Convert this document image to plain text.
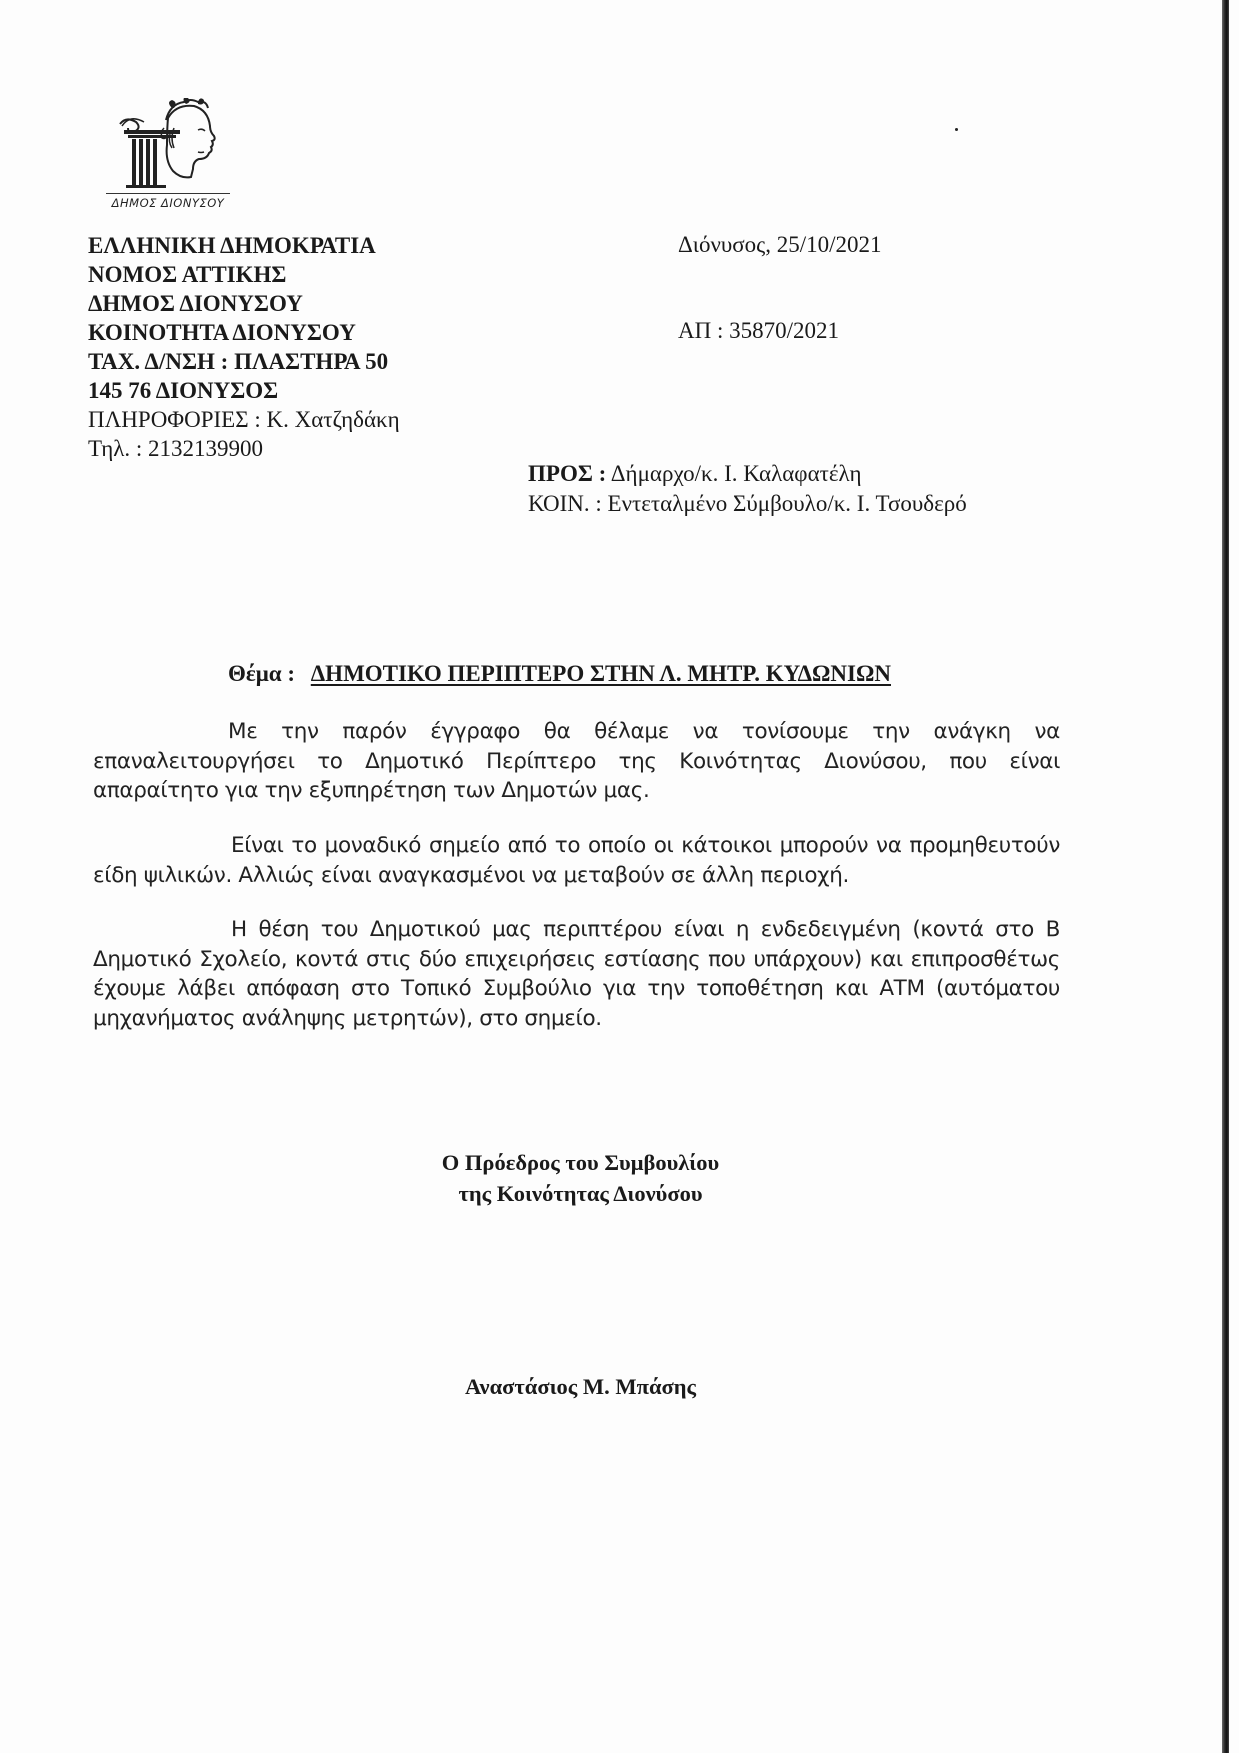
ΔΗΜΟΣ ΔΙΟΝΥΣΟΥ
ΕΛΛΗΝΙΚΗ ΔΗΜΟΚΡΑΤΙΑ
ΝΟΜΟΣ ΑΤΤΙΚΗΣ
ΔΗΜΟΣ ΔΙΟΝΥΣΟΥ
ΚΟΙΝΟΤΗΤΑ ΔΙΟΝΥΣΟΥ
ΤΑΧ. Δ/ΝΣΗ : ΠΛΑΣΤΗΡΑ 50
145 76 ΔΙΟΝΥΣΟΣ
ΠΛΗΡΟΦΟΡΙΕΣ : Κ. Χατζηδάκη
Τηλ. : 2132139900
Διόνυσος, 25/10/2021
ΑΠ : 35870/2021
ΠΡΟΣ : Δήμαρχο/κ. Ι. Καλαφατέλη
ΚΟΙΝ. : Εντεταλμένο Σύμβουλο/κ. Ι. Τσουδερό
Θέμα : ΔΗΜΟΤΙΚΟ ΠΕΡΙΠΤΕΡΟ ΣΤΗΝ Λ. ΜΗΤΡ. ΚΥΔΩΝΙΩΝ
Με την παρόν έγγραφο θα θέλαμε να τονίσουμε την ανάγκη να επαναλειτουργήσει το Δημοτικό Περίπτερο της Κοινότητας Διονύσου, που είναι απαραίτητο για την εξυπηρέτηση των Δημοτών μας.
Είναι το μοναδικό σημείο από το οποίο οι κάτοικοι μπορούν να προμηθευτούν είδη ψιλικών. Αλλιώς είναι αναγκασμένοι να μεταβούν σε άλλη περιοχή.
Η θέση του Δημοτικού μας περιπτέρου είναι η ενδεδειγμένη (κοντά στο Β Δημοτικό Σχολείο, κοντά στις δύο επιχειρήσεις εστίασης που υπάρχουν) και επιπροσθέτως έχουμε λάβει απόφαση στο Τοπικό Συμβούλιο για την τοποθέτηση και ΑΤΜ (αυτόματου μηχανήματος ανάληψης μετρητών), στο σημείο.
Ο Πρόεδρος του Συμβουλίου
της Κοινότητας Διονύσου
Αναστάσιος Μ. Μπάσης
